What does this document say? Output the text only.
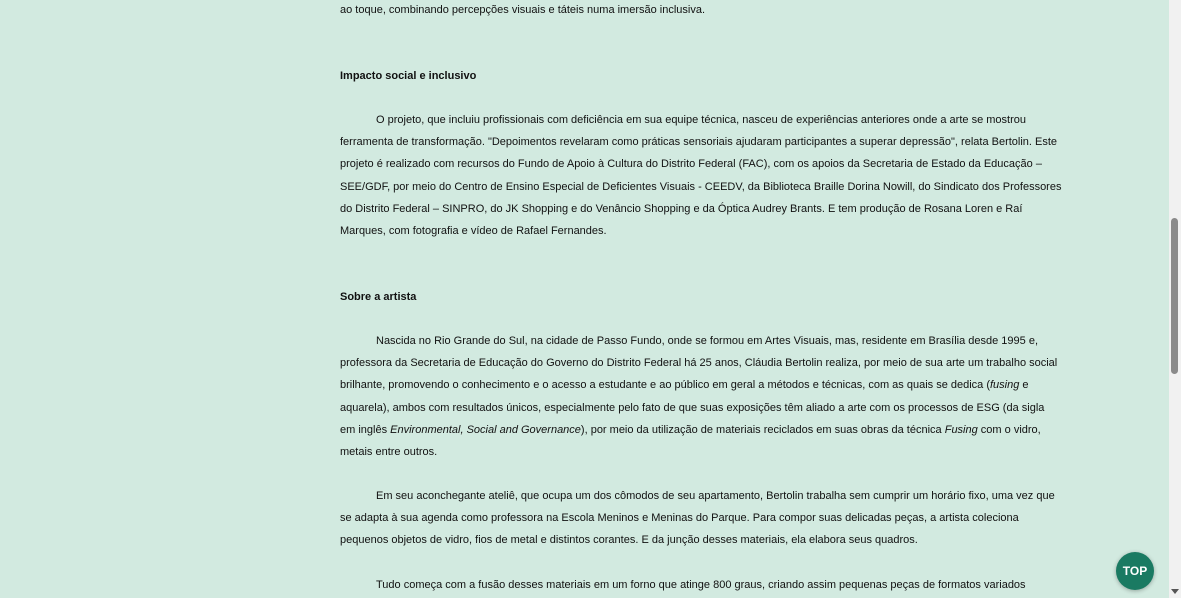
ao toque, combinando percepções visuais e táteis numa imersão inclusiva.

Impacto social e inclusivo

O projeto, que incluiu profissionais com deficiência em sua equipe técnica, nasceu de experiências anteriores onde a arte se mostrou ferramenta de transformação. "Depoimentos revelaram como práticas sensoriais ajudaram participantes a superar depressão", relata Bertolin. Este projeto é realizado com recursos do Fundo de Apoio à Cultura do Distrito Federal (FAC), com os apoios da Secretaria de Estado da Educação – SEE/GDF, por meio do Centro de Ensino Especial de Deficientes Visuais - CEEDV, da Biblioteca Braille Dorina Nowill, do Sindicato dos Professores do Distrito Federal – SINPRO, do JK Shopping e do Venâncio Shopping e da Óptica Audrey Brants. E tem produção de Rosana Loren e Raí Marques, com fotografia e vídeo de Rafael Fernandes.

Sobre a artista

Nascida no Rio Grande do Sul, na cidade de Passo Fundo, onde se formou em Artes Visuais, mas, residente em Brasília desde 1995 e, professora da Secretaria de Educação do Governo do Distrito Federal há 25 anos, Cláudia Bertolin realiza, por meio de sua arte um trabalho social brilhante, promovendo o conhecimento e o acesso a estudante e ao público em geral a métodos e técnicas, com as quais se dedica (fusing e aquarela), ambos com resultados únicos, especialmente pelo fato de que suas exposições têm aliado a arte com os processos de ESG (da sigla em inglês Environmental, Social and Governance), por meio da utilização de materiais reciclados em suas obras da técnica Fusing com o vidro, metais entre outros.

Em seu aconchegante ateliê, que ocupa um dos cômodos de seu apartamento, Bertolin trabalha sem cumprir um horário fixo, uma vez que se adapta à sua agenda como professora na Escola Meninos e Meninas do Parque. Para compor suas delicadas peças, a artista coleciona pequenos objetos de vidro, fios de metal e distintos corantes. E da junção desses materiais, ela elabora seus quadros.

Tudo começa com a fusão desses materiais em um forno que atinge 800 graus, criando assim pequenas peças de formatos variados

TOP
